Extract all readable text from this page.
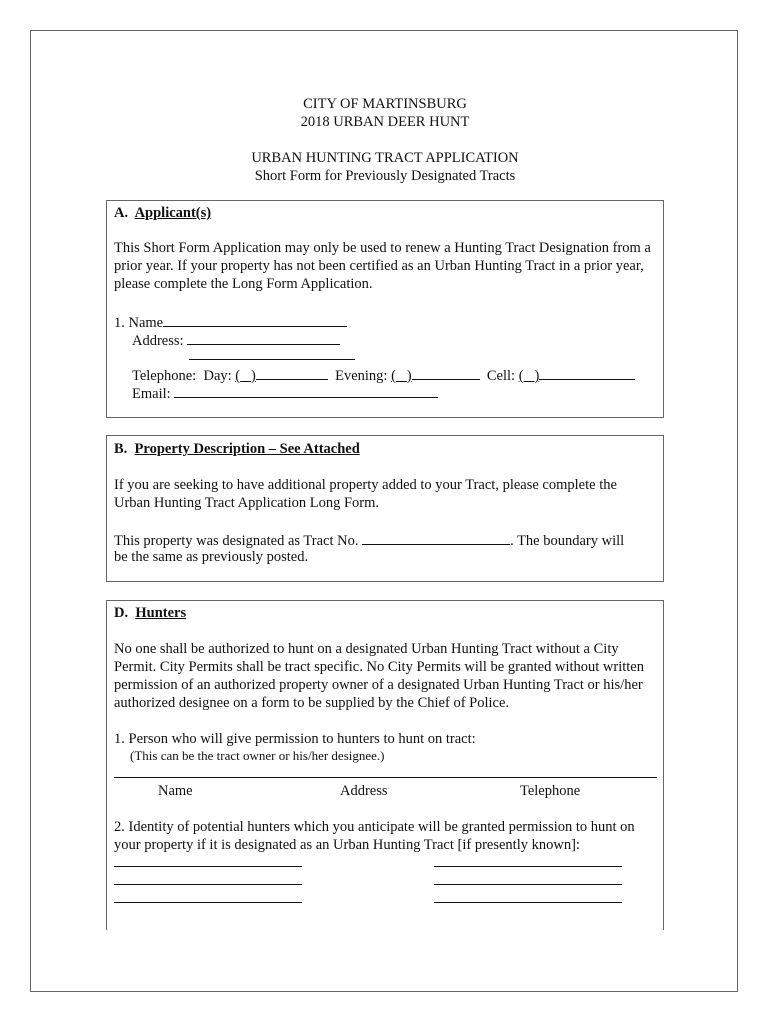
CITY OF MARTINSBURG
2018 URBAN DEER HUNT
URBAN HUNTING TRACT APPLICATION
Short Form for Previously Designated Tracts
A. Applicant(s)
This Short Form Application may only be used to renew a Hunting Tract Designation from a prior year. If your property has not been certified as an Urban Hunting Tract in a prior year, please complete the Long Form Application.
1. Name
Address:
Telephone: Day: ( )	Evening: ( )	Cell: ( )
Email:
B. Property Description – See Attached
If you are seeking to have additional property added to your Tract, please complete the Urban Hunting Tract Application Long Form.
This property was designated as Tract No.	. The boundary will
be the same as previously posted.
D. Hunters
No one shall be authorized to hunt on a designated Urban Hunting Tract without a City Permit. City Permits shall be tract specific. No City Permits will be granted without written permission of an authorized property owner of a designated Urban Hunting Tract or his/her authorized designee on a form to be supplied by the Chief of Police.
1. Person who will give permission to hunters to hunt on tract:
(This can be the tract owner or his/her designee.)
Name	Address	Telephone
2. Identity of potential hunters which you anticipate will be granted permission to hunt on your property if it is designated as an Urban Hunting Tract [if presently known]:
